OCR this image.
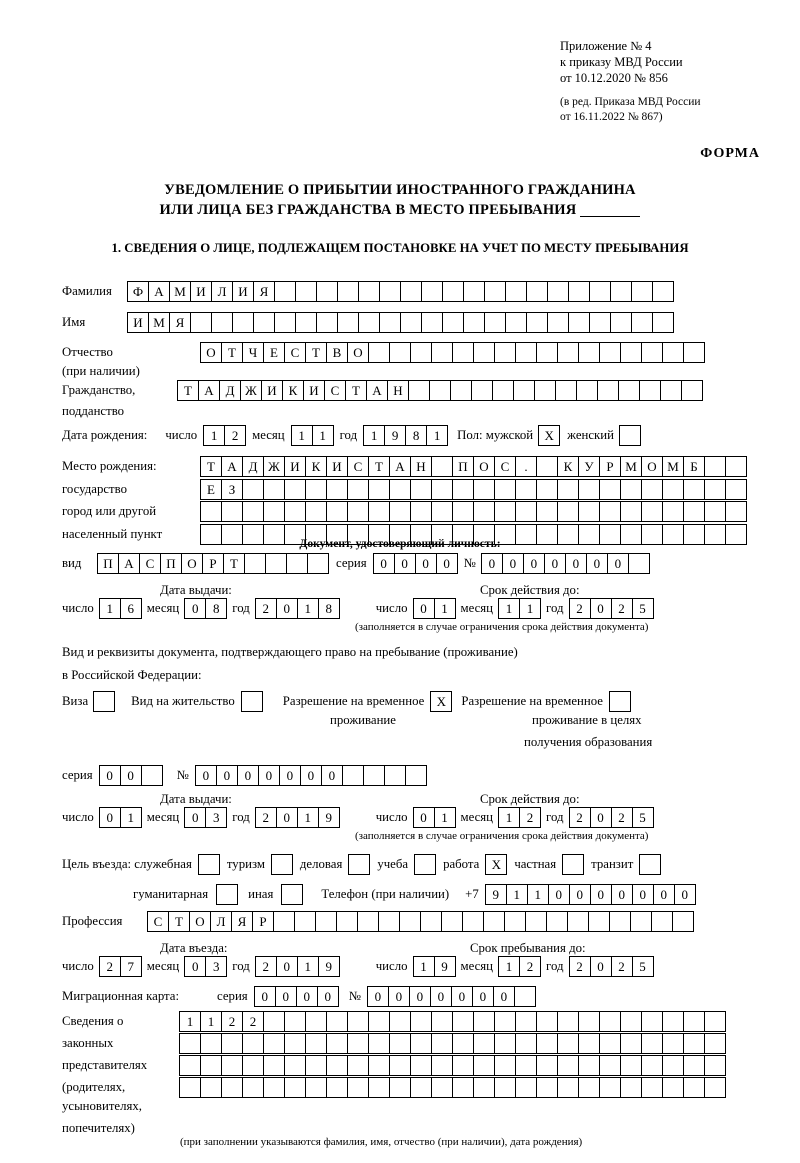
Приложение № 4
к приказу МВД России
от 10.12.2020 № 856
(в ред. Приказа МВД России
от 16.11.2022 № 867)
ФОРМА
УВЕДОМЛЕНИЕ О ПРИБЫТИИ ИНОСТРАННОГО ГРАЖДАНИНА
ИЛИ ЛИЦА БЕЗ ГРАЖДАНСТВА В МЕСТО ПРЕБЫВАНИЯ
1. СВЕДЕНИЯ О ЛИЦЕ, ПОДЛЕЖАЩЕМ ПОСТАНОВКЕ НА УЧЕТ ПО МЕСТУ ПРЕБЫВАНИЯ
Фамилия	Ф А М И Л И Я
Имя	И М Я
Отчество	О Т Ч Е С Т В О
(при наличии)
Гражданство,	Т А Д Ж И К И С Т А Н
подданство
Дата рождения: число	1	2	месяц	1	1	год	1	9	8	1	Пол: мужской X	женский
Место рождения:	Т А Д Ж И К И С Т А Н	П О С	.	К У Р М О М Б
государство	Е	З
город или другой
населенный пункт
Документ, удостоверяющий личность:
вид	П А С П О Р	Т	серия	0	0	0	0	№ 0	0	0	0	0	0	0
Дата выдачи:	Срок действия до:
число 1	6 месяц 0	8 год 2	0	1	8	число 0	1 месяц 1	1 год 2	0	2	5
(заполняется в случае ограничения срока действия документа)
Вид и реквизиты документа, подтверждающего право на пребывание (проживание)
в Российской Федерации:
Виза	Вид на жительство	Разрешение на временное X	Разрешение на временное
проживание	проживание в целях
получения образования
серия	0	0	№	0	0	0	0	0	0	0
Дата выдачи:	Срок действия до:
число 0	1 месяц 0	3 год 2	0	1	9	число 0	1 месяц 1	2 год 2	0	2	5
(заполняется в случае ограничения срока действия документа)
Цель въезда: служебная	туризм	деловая	учеба	работа X	частная	транзит
гуманитарная	иная	Телефон (при наличии) +7	9	1	1	0	0	0	0	0	0	0
Профессия	С Т О Л Я	Р
Дата въезда:	Срок пребывания до:
число 2	7 месяц 0	3 год 2	0	1	9	число 1	9 месяц 1	2 год 2	0	2	5
Миграционная карта:	серия	0	0	0	0	№	0	0	0	0	0	0	0
Сведения о	1	1	2	2
законных
представителях
(родителях,
усыновителях,
попечителях)
(при заполнении указываются фамилия, имя, отчество (при наличии), дата рождения)
